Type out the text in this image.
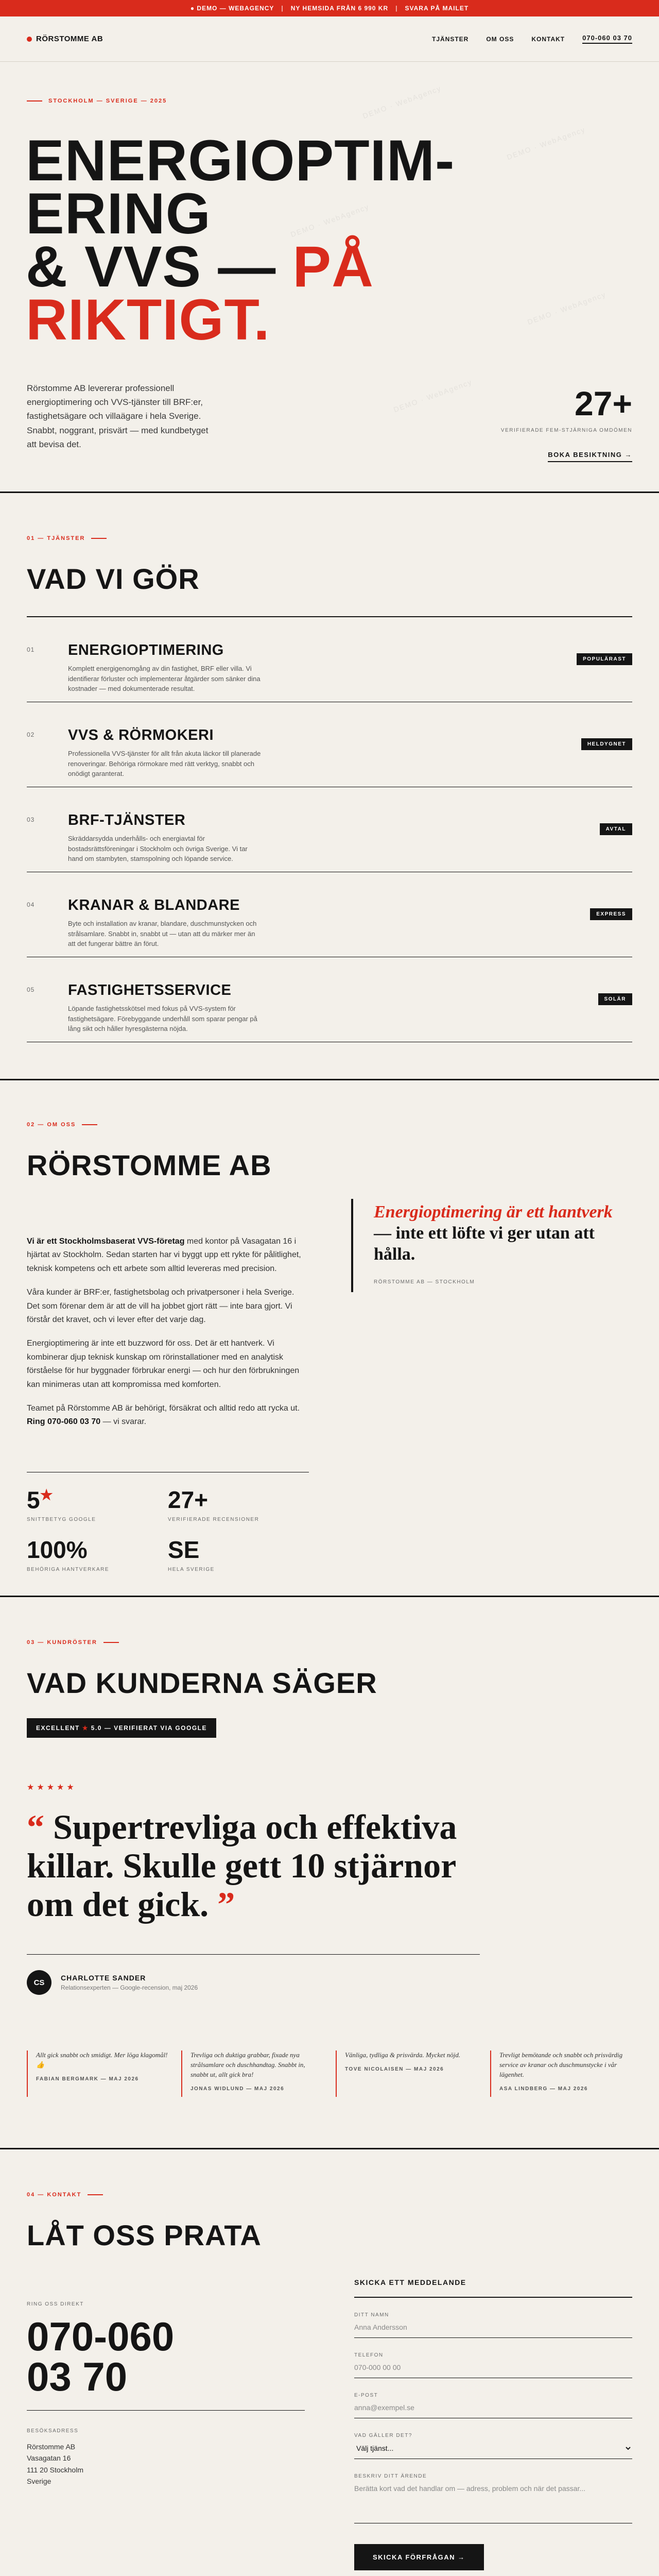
● DEMO — WEBAGENCY | NY HEMSIDA FRÅN 6 990 KR | SVARA PÅ MAILET
RÖRSTOMME AB	TJÄNSTER	OM OSS	KONTAKT	070-060 03 70
DEMO · WebAgency
DEMO · WebAgency
DEMO · WebAgency
DEMO · WebAgency
DEMO · WebAgency
STOCKHOLM — SVERIGE — 2025
ENERGIOPTIM-
ERING
& VVS — PÅ
RIKTIGT.

Rörstomme AB levererar professionell energioptimering och VVS-tjänster till BRF:er, fastighetsägare och villaägare i hela Sverige. Snabbt, noggrant, prisvärt — med kundbetyget att bevisa det.

27+
VERIFIERADE FEM-STJÄRNIGA OMDÖMEN
BOKA BESIKTNING →
01 — TJÄNSTER
VAD VI GÖR
01 ENERGIOPTIMERING

Komplett energigenomgång av din fastighet, BRF eller villa. Vi identifierar förluster och implementerar åtgärder som sänker dina kostnader — med dokumenterade resultat.

POPULÄRAST
02 VVS & RÖRMOKERI

Professionella VVS-tjänster för allt från akuta läckor till planerade renoveringar. Behöriga rörmokare med rätt verktyg, snabbt och onödigt garanterat.

HELDYGNET
03 BRF-TJÄNSTER

Skräddarsydda underhålls- och energiavtal för bostadsrättsföreningar i Stockholm och övriga Sverige. Vi tar hand om stambyten, stamspolning och löpande service.

AVTAL
04 KRANAR & BLANDARE

Byte och installation av kranar, blandare, duschmunstycken och strålsamlare. Snabbt in, snabbt ut — utan att du märker mer än att det fungerar bättre än förut.

EXPRESS
05 FASTIGHETSSERVICE

Löpande fastighetsskötsel med fokus på VVS-system för fastighetsägare. Förebyggande underhåll som sparar pengar på lång sikt och håller hyresgästerna nöjda.

SOLÄR
02 — OM OSS
RÖRSTOMME AB

Vi är ett Stockholmsbaserat VVS-företag med kontor på Vasagatan 16 i hjärtat av Stockholm. Sedan starten har vi byggt upp ett rykte för pålitlighet, teknisk kompetens och ett arbete som alltid levereras med precision.

Våra kunder är BRF:er, fastighetsbolag och privatpersoner i hela Sverige. Det som förenar dem är att de vill ha jobbet gjort rätt — inte bara gjort. Vi förstår det kravet, och vi lever efter det varje dag.

Energioptimering är inte ett buzzword för oss. Det är ett hantverk. Vi kombinerar djup teknisk kunskap om rörinstallationer med en analytisk förståelse för hur byggnader förbrukar energi — och hur den förbrukningen kan minimeras utan att kompromissa med komforten.

Teamet på Rörstomme AB är behörigt, försäkrat och alltid redo att rycka ut. Ring 070-060 03 70 — vi svarar.

Energioptimering är ett hantverk — inte ett löfte vi ger utan att hålla.
RÖRSTOMME AB — STOCKHOLM
5★
SNITTBETYG GOOGLE
27+
VERIFIERADE RECENSIONER
100%
BEHÖRIGA HANTVERKARE
SE
HELA SVERIGE
03 — KUNDRÖSTER
VAD KUNDERNA SÄGER
EXCELLENT ★ 5.0 — VERIFIERAT VIA GOOGLE
★★★★★
“ Supertrevliga och effektiva killar. Skulle gett 10 stjärnor om det gick. ”
CS
CHARLOTTE SANDER
Relationsexperten — Google-recension, maj 2026
Allt gick snabbt och smidigt. Mer löga klagomål! 👍
FABIAN BERGMARK — MAJ 2026
Trevliga och duktiga grabbar, fixade nya strålsamlare och duschhandtag. Snabbt in, snabbt ut, allt gick bra!
JONAS WIDLUND — MAJ 2026
Vänliga, tydliga & prisvärda. Mycket nöjd.
TOVE NICOLAISEN — MAJ 2026
Trevligt bemötande och snabbt och prisvärdig service av kranar och duschmunstycke i vår lägenhet.
ASA LINDBERG — MAJ 2026
04 — KONTAKT
LÅT OSS PRATA
RING OSS DIREKT
070-060
03 70
BESÖKSADRESS
Rörstomme AB
Vasagatan 16
111 20 Stockholm
Sverige
SKICKA ETT MEDDELANDE
DITT NAMN
Anna Andersson
TELEFON
070-000 00 00
E-POST
anna@exempel.se
VAD GÄLLER DET?
Välj tjänst...
BESKRIV DITT ÄRENDE
Berätta kort vad det handlar om — adress, problem och när det passar...
SKICKA FÖRFRÅGAN →
